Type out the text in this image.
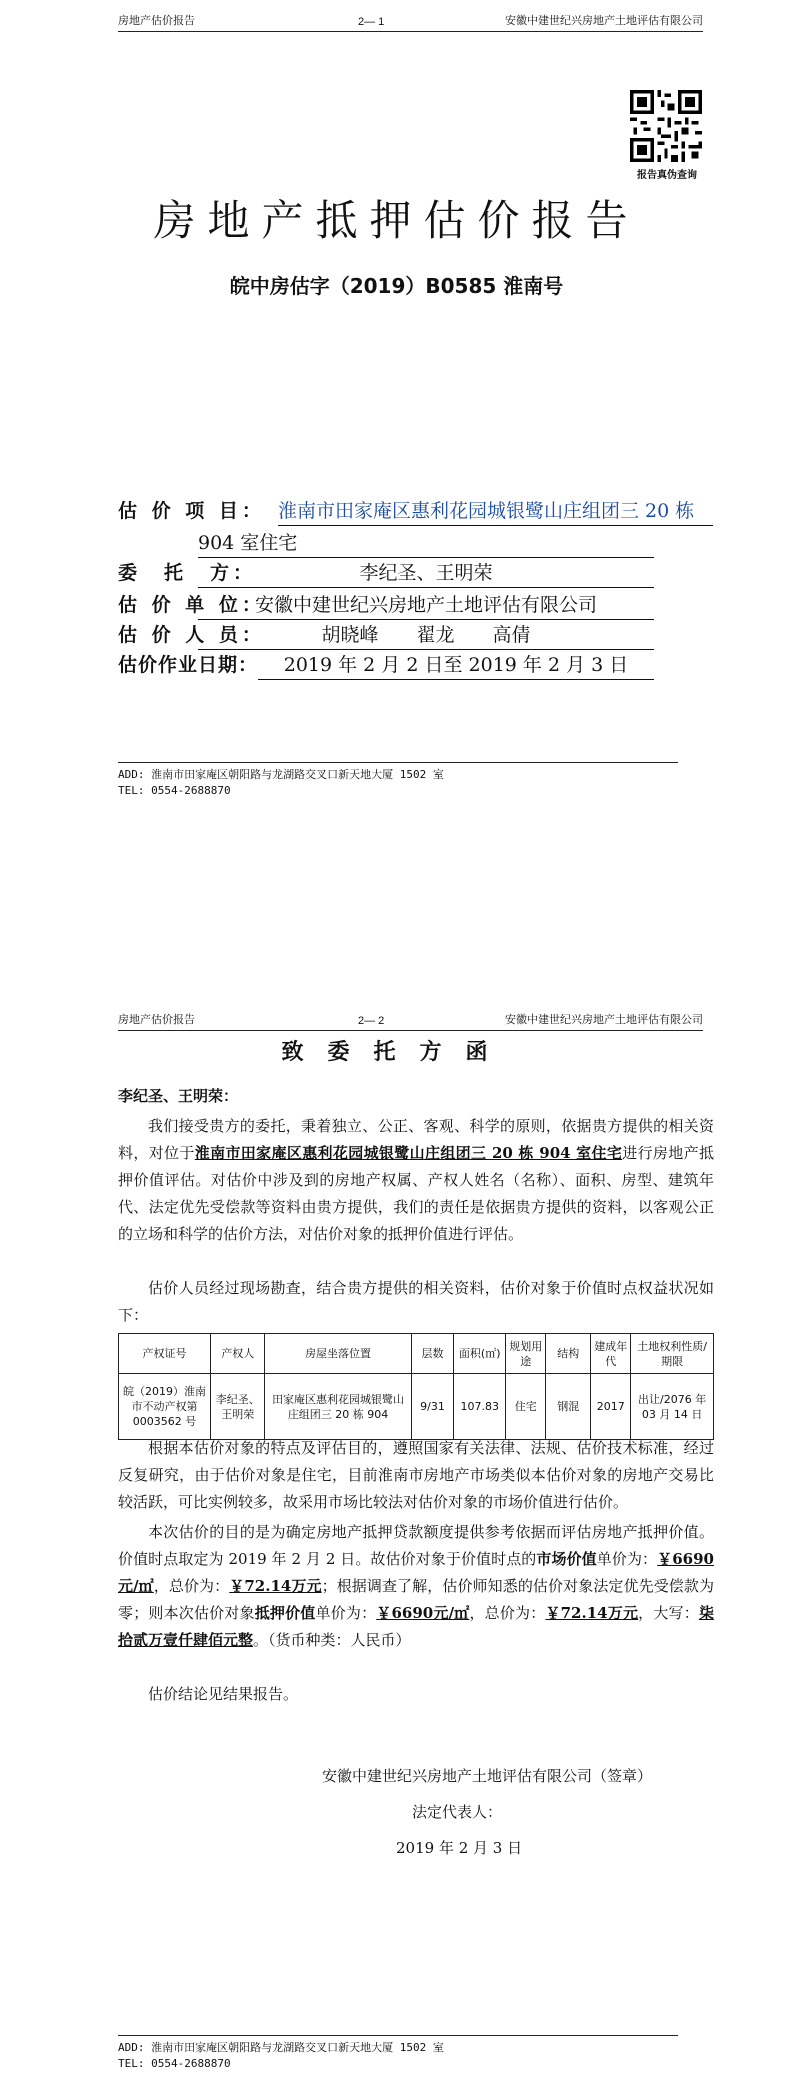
房地产估价报告	2— 1	安徽中建世纪兴房地产土地评估有限公司
报告真伪查询
房地产抵押估价报告
皖中房估字（2019）B0585 淮南号
估 价 项 目： 淮南市田家庵区惠利花园城银鹭山庄组团三 20 栋
904 室住宅
委　托　方：	李纪圣、王明荣
估 价 单 位：
安徽中建世纪兴房地产土地评估有限公司
估 价 人 员：	胡晓峰　　翟龙　　高倩
估价作业日期：	2019 年 2 月 2 日至 2019 年 2 月 3 日
ADD: 淮南市田家庵区朝阳路与龙湖路交叉口新天地大厦 1502 室
TEL: 0554-2688870
房地产估价报告	2— 2	安徽中建世纪兴房地产土地评估有限公司
致委托方函
李纪圣、王明荣：
我们接受贵方的委托，秉着独立、公正、客观、科学的原则，依据贵方提供的相关资料，对位于淮南市田家庵区惠利花园城银鹭山庄组团三 20 栋 904 室住宅进行房地产抵押价值评估。对估价中涉及到的房地产权属、产权人姓名（名称）、面积、房型、建筑年代、法定优先受偿款等资料由贵方提供，我们的责任是依据贵方提供的资料，以客观公正的立场和科学的估价方法，对估价对象的抵押价值进行评估。
估价人员经过现场勘查，结合贵方提供的相关资料，估价对象于价值时点权益状况如下：
产权证号	产权人	房屋坐落位置	层数	面积(㎡)	规划用途	结构	建成年代	土地权利性质/期限
皖（2019）淮南市不动产权第 0003562 号	李纪圣、王明荣	田家庵区惠利花园城银鹭山庄组团三 20 栋 904	9/31	107.83	住宅	钢混	2017	出让/2076 年 03 月 14 日
根据本估价对象的特点及评估目的，遵照国家有关法律、法规、估价技术标准，经过反复研究，由于估价对象是住宅，目前淮南市房地产市场类似本估价对象的房地产交易比较活跃，可比实例较多，故采用市场比较法对估价对象的市场价值进行估价。
本次估价的目的是为确定房地产抵押贷款额度提供参考依据而评估房地产抵押价值。价值时点取定为 2019 年 2 月 2 日。故估价对象于价值时点的市场价值单价为：￥6690元/㎡，总价为：￥72.14万元；根据调查了解，估价师知悉的估价对象法定优先受偿款为零；则本次估价对象抵押价值单价为：￥6690元/㎡，总价为：￥72.14万元，大写：柒拾贰万壹仟肆佰元整。（货币种类：人民币）
估价结论见结果报告。
安徽中建世纪兴房地产土地评估有限公司（签章）
法定代表人：
2019 年 2 月 3 日
ADD: 淮南市田家庵区朝阳路与龙湖路交叉口新天地大厦 1502 室
TEL: 0554-2688870
